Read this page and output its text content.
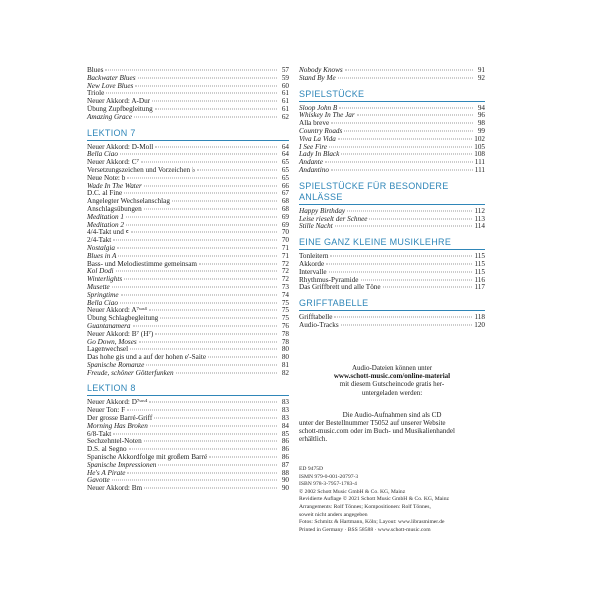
Blues	57
Backwater Blues	59
New Love Blues	60
Triole	61
Neuer Akkord: A-Dur	61
Übung Zupfbegleitung	61
Amazing Grace	62
LEKTION 7
Neuer Akkord: D-Moll	64
Bella Ciao	64
Neuer Akkord: C⁷	65
Versetzungszeichen und Vorzeichen ♭	65
Neue Note: b	65
Wade In The Water	66
D.C. al Fine	67
Angelegter Wechselanschlag	68
Anschlagsübungen	68
Meditation 1	69
Meditation 2	69
4/4-Takt und 𝄴	70
2/4-Takt	70
Nostalgia	71
Blues in A	71
Bass- und Melodiestimme gemeinsam	72
Kol Dodi	72
Winterlights	72
Musette	73
Springtime	74
Bella Ciao	75
Neuer Akkord: A⁷ˢᵘˢ⁴	75
Übung Schlagbegleitung	75
Guantanamera	76
Neuer Akkord: B⁷ (H⁷)	78
Go Down, Moses	78
Lagenwechsel	80
Das hohe gis und a auf der hohen e'-Saite	80
Spanische Romanze	81
Freude, schöner Götterfunken	82
LEKTION 8
Neuer Akkord: D⁷ˢᵘˢ⁴	83
Neuer Ton: F	83
Der grosse Barré-Griff	83
Morning Has Broken	84
6/8-Takt	85
Sechzehntel-Noten	86
D.S. al Segno	86
Spanische Akkordfolge mit großem Barré	86
Spanische Impressionen	87
He's A Pirate	88
Gavotte	90
Neuer Akkord: Bm	90
Nobody Knows	91
Stand By Me	92
SPIELSTÜCKE
Sloop John B	94
Whiskey In The Jar	96
Alla breve	98
Country Roads	99
Viva La Vida	102
I See Fire	105
Lady In Black	108
Andante	111
Andantino	111
SPIELSTÜCKE FÜR BESONDERE ANLÄSSE
Happy Birthday	112
Leise rieselt der Schnee	113
Stille Nacht	114
EINE GANZ KLEINE MUSIKLEHRE
Tonleitern	115
Akkorde	115
Intervalle	115
Rhythmus-Pyramide	116
Das Griffbrett und alle Töne	117
GRIFFTABELLE
Grifftabelle	118
Audio-Tracks	120

Audio-Dateien können unter
www.schott-music.com/online-material
mit diesem Gutscheincode gratis her-
untergeladen werden:

Die Audio-Aufnahmen sind als CD
unter der Bestellnummer T5052 auf unserer Website
schott-music.com oder im Buch- und Musikalienhandel
erhältlich.

ED 9475D
ISMN 979-0-001-20797-3
ISBN 978-3-7957-1783-4
© 2002 Schott Music GmbH & Co. KG, Mainz
Revidierte Auflage © 2021 Schott Music GmbH & Co. KG, Mainz
Arrangements: Rolf Tönnes; Kompositionen: Rolf Tönnes,
soweit nicht anders angegeben
Fotos: Schmitz & Hartmann, Köln; Layout: www.librasmimer.de
Printed in Germany · BSS 58588 · www.schott-music.com
